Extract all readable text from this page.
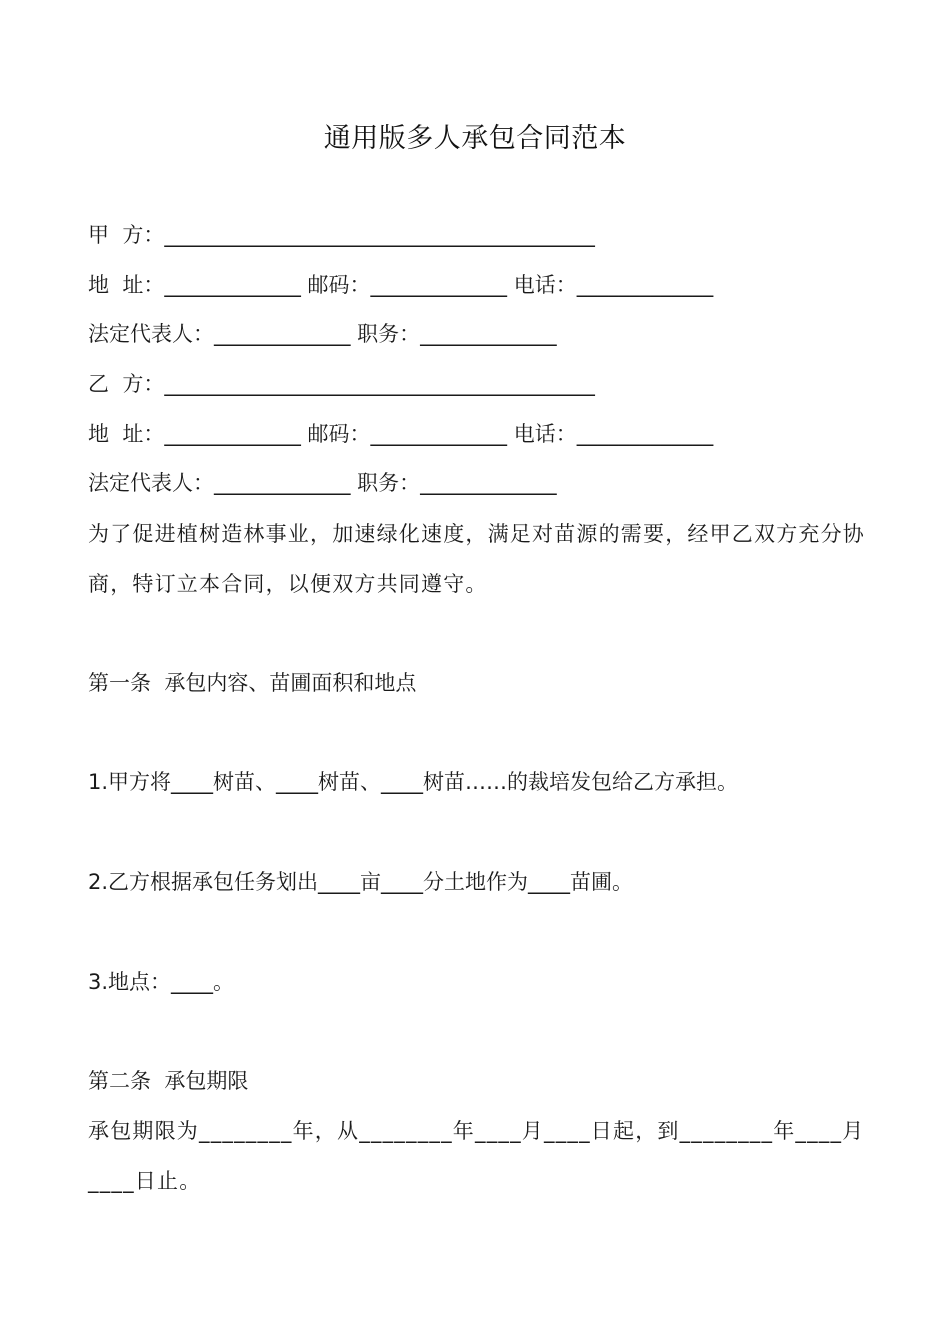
通用版多人承包合同范本
甲  方：_________________________________________
地  址：_____________ 邮码：_____________ 电话：_____________
法定代表人：_____________ 职务：_____________
乙  方：_________________________________________
地  址：_____________ 邮码：_____________ 电话：_____________
法定代表人：_____________ 职务：_____________
为了促进植树造林事业，加速绿化速度，满足对苗源的需要，经甲乙双方充分协商，特订立本合同，以便双方共同遵守。
第一条  承包内容、苗圃面积和地点
1.甲方将____树苗、____树苗、____树苗……的裁培发包给乙方承担。
2.乙方根据承包任务划出____亩____分土地作为____苗圃。
3.地点：____。
第二条  承包期限
承包期限为________年，从________年____月____日起，到________年____月____日止。
